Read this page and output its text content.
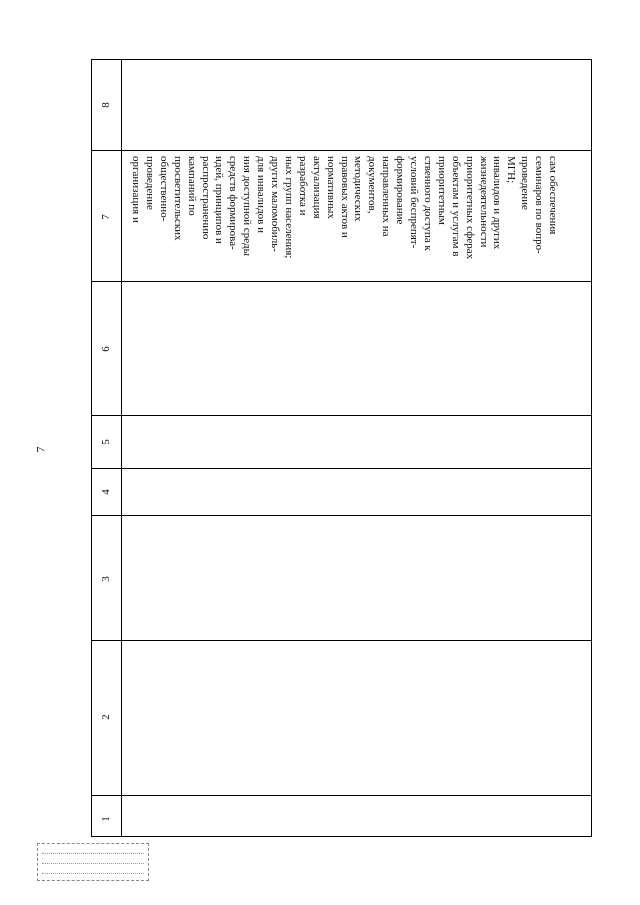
7
8
7
6
5
4
3
2
1
организация и проведение общественно- просветительских кампаний по распространению идей, принципов и средств формирова- ния доступной среды для инвалидов и других маломобиль- ных групп населения; разработка и актуализация нормативных правовых актов и методических документов, направленных на формирование условий беспрепят- ственного доступа к приоритетным объектам и услугам в приоритетных сферах жизнедеятельности инвалидов и других МГН; проведение семинаров по вопро- сам обеспечения
